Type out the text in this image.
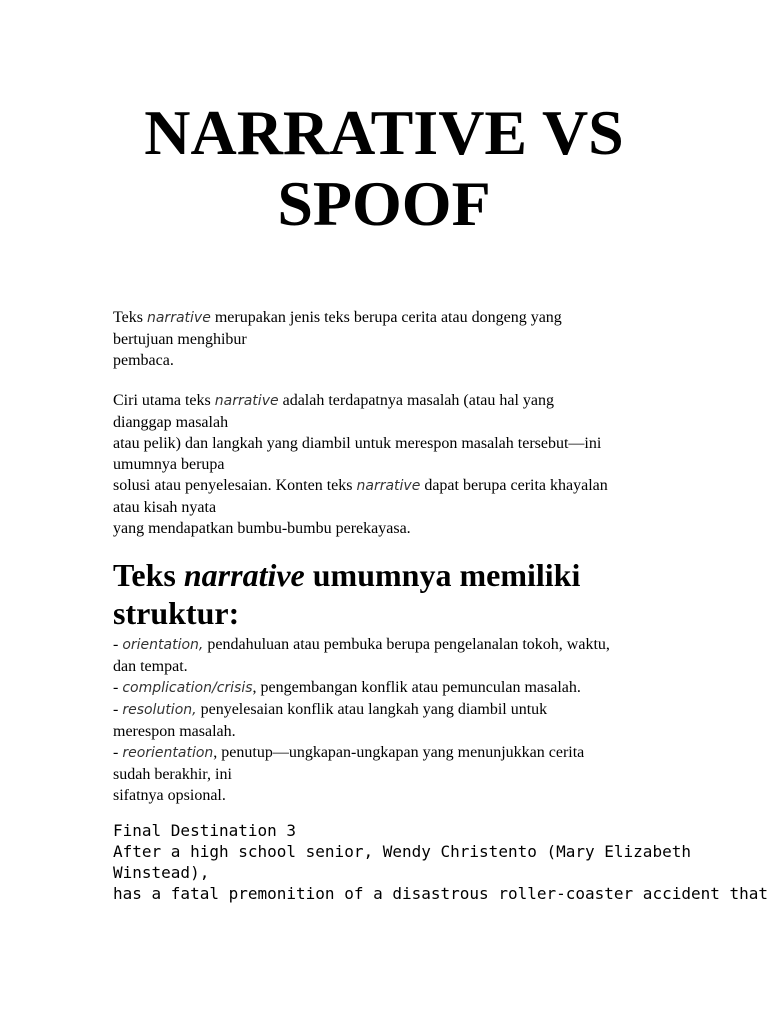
NARRATIVE VS
SPOOF

Teks narrative merupakan jenis teks berupa cerita atau dongeng yang
bertujuan menghibur
pembaca.

Ciri utama teks narrative adalah terdapatnya masalah (atau hal yang
dianggap masalah
atau pelik) dan langkah yang diambil untuk merespon masalah tersebut—ini
umumnya berupa
solusi atau penyelesaian. Konten teks narrative dapat berupa cerita khayalan
atau kisah nyata
yang mendapatkan bumbu-bumbu perekayasa.

Teks narrative umumnya memiliki
struktur:

- orientation, pendahuluan atau pembuka berupa pengelanalan tokoh, waktu,
dan tempat.
- complication/crisis, pengembangan konflik atau pemunculan masalah.
- resolution, penyelesaian konflik atau langkah yang diambil untuk
merespon masalah.
- reorientation, penutup—ungkapan-ungkapan yang menunjukkan cerita
sudah berakhir, ini
sifatnya opsional.

Final Destination 3
After a high school senior, Wendy Christento (Mary Elizabeth
Winstead),
has a fatal premonition of a disastrous roller-coaster accident that
